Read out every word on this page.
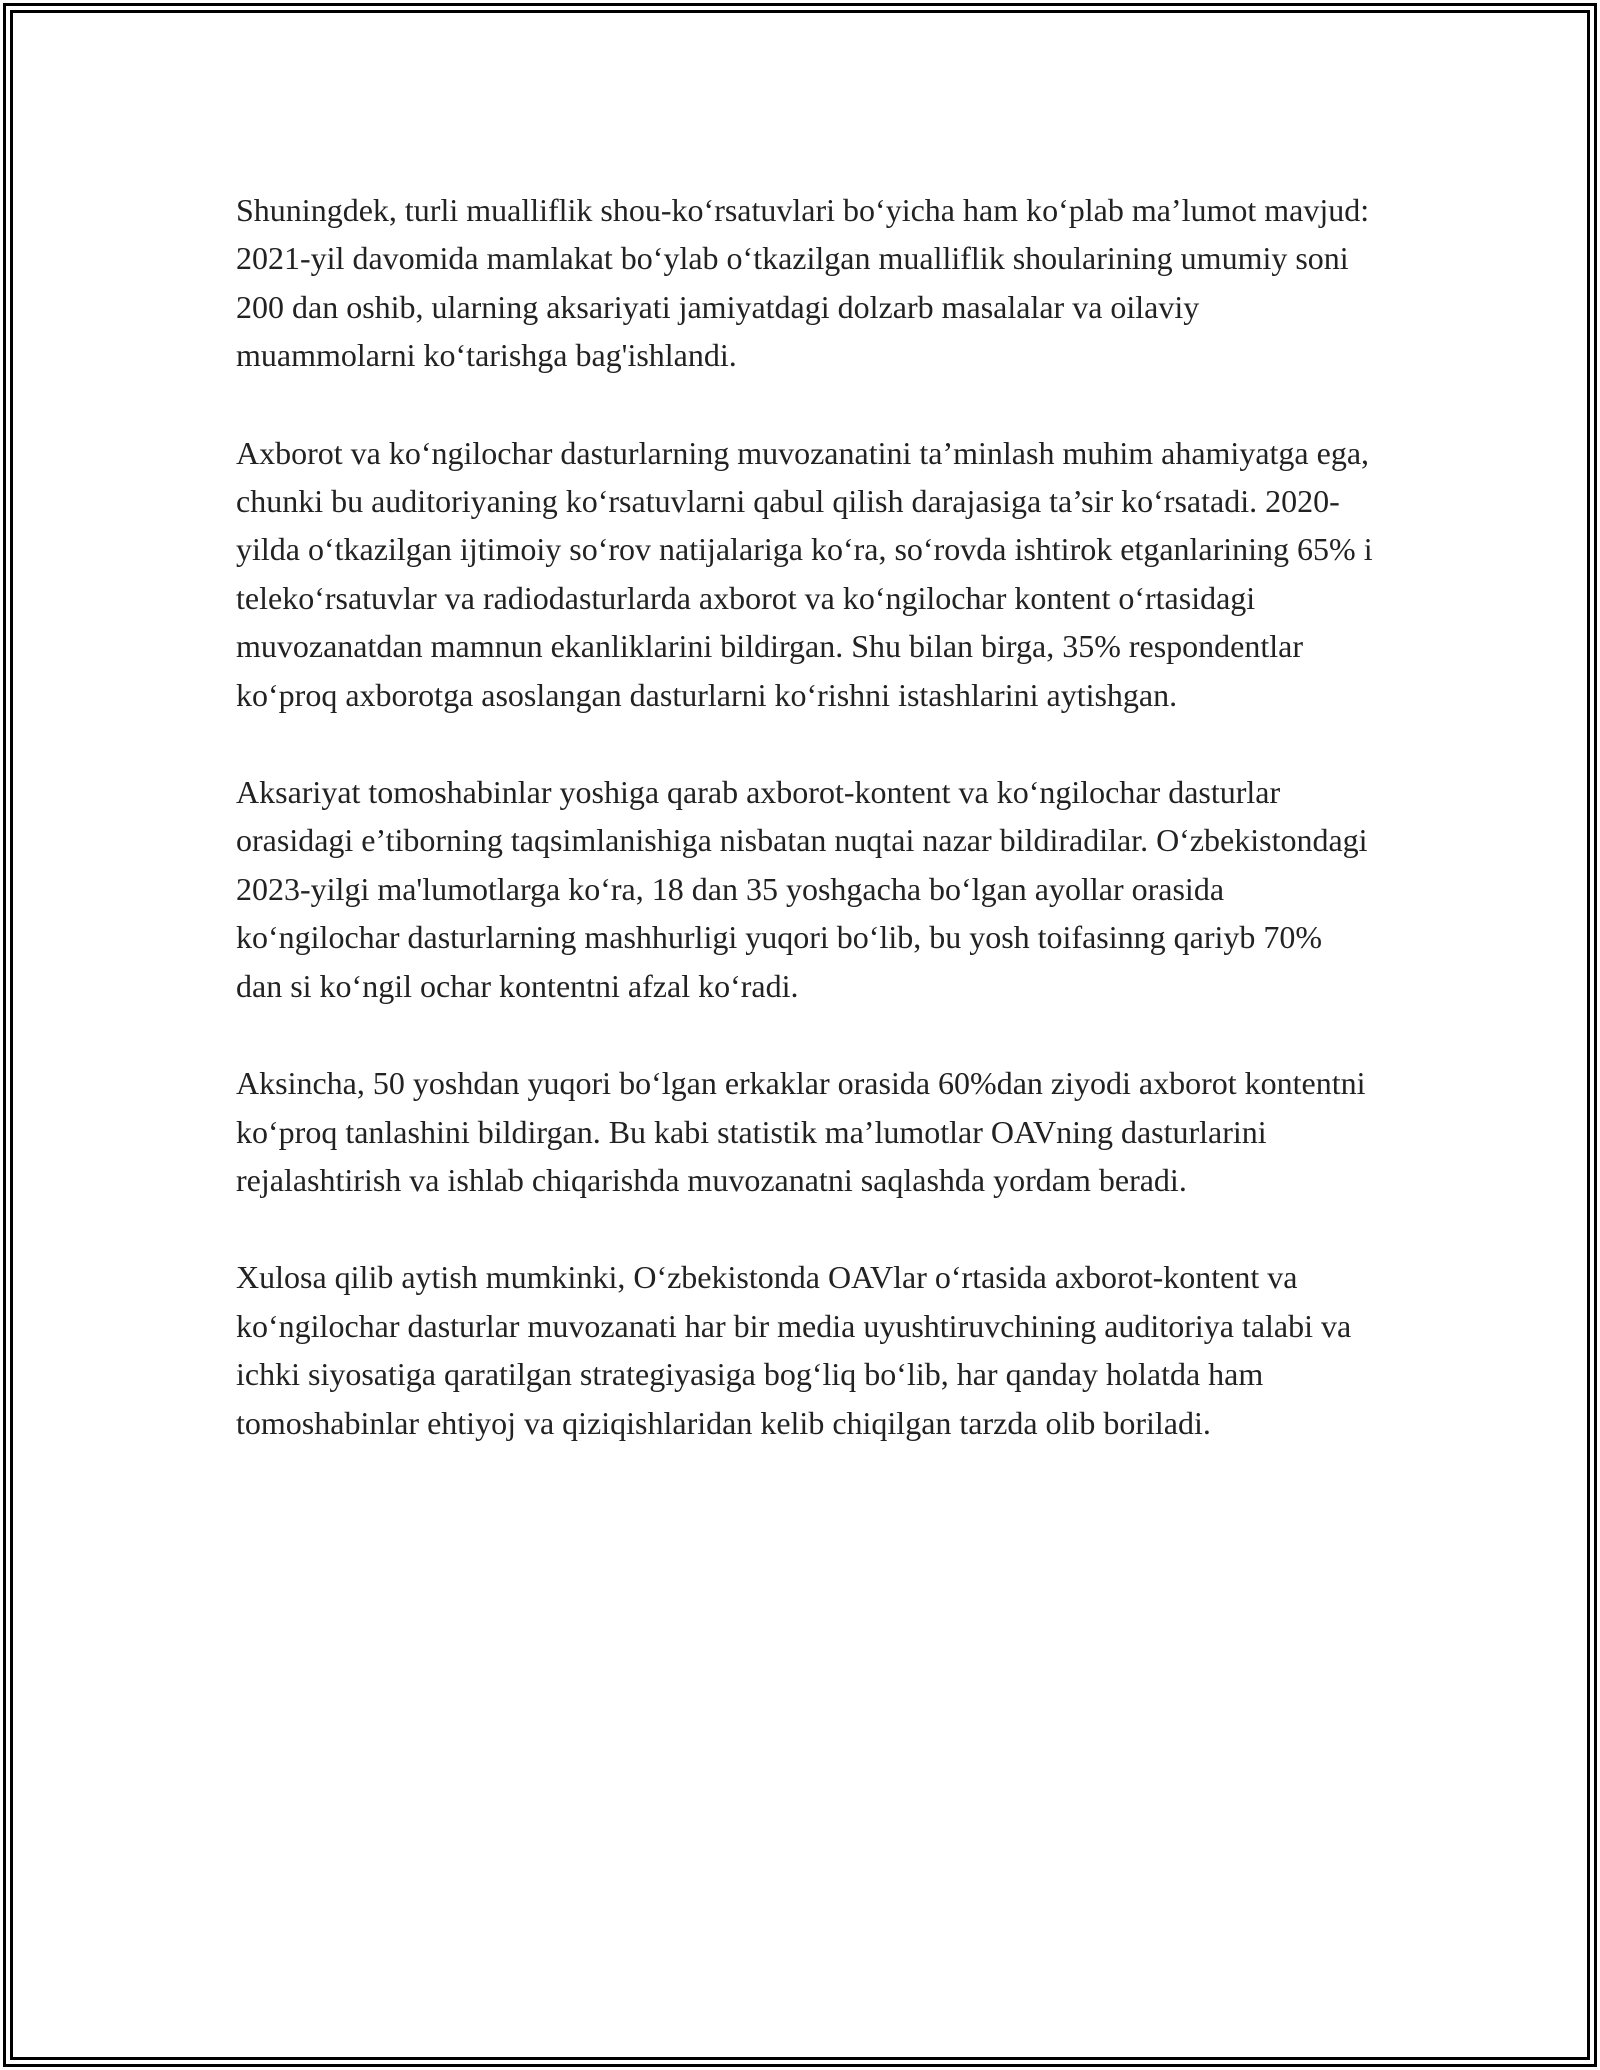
Shuningdek, turli mualliflik shou-ko‘rsatuvlari bo‘yicha ham ko‘plab ma’lumot mavjud: 2021-yil davomida mamlakat bo‘ylab o‘tkazilgan mualliflik shoularining umumiy soni 200 dan oshib, ularning aksariyati jamiyatdagi dolzarb masalalar va oilaviy muammolarni ko‘tarishga bag'ishlandi.

Axborot va ko‘ngilochar dasturlarning muvozanatini ta’minlash muhim ahamiyatga ega, chunki bu auditoriyaning ko‘rsatuvlarni qabul qilish darajasiga ta’sir ko‘rsatadi. 2020-yilda o‘tkazilgan ijtimoiy so‘rov natijalariga ko‘ra, so‘rovda ishtirok etganlarining 65% i teleko‘rsatuvlar va radiodasturlarda axborot va ko‘ngilochar kontent o‘rtasidagi muvozanatdan mamnun ekanliklarini bildirgan. Shu bilan birga, 35% respondentlar ko‘proq axborotga asoslangan dasturlarni ko‘rishni istashlarini aytishgan.

Aksariyat tomoshabinlar yoshiga qarab axborot-kontent va ko‘ngilochar dasturlar orasidagi e’tiborning taqsimlanishiga nisbatan nuqtai nazar bildiradilar. O‘zbekistondagi 2023-yilgi ma'lumotlarga ko‘ra, 18 dan 35 yoshgacha bo‘lgan ayollar orasida ko‘ngilochar dasturlarning mashhurligi yuqori bo‘lib, bu yosh toifasinng qariyb 70% dan si ko‘ngil ochar kontentni afzal ko‘radi.

Aksincha, 50 yoshdan yuqori bo‘lgan erkaklar orasida 60%dan ziyodi axborot kontentni ko‘proq tanlashini bildirgan. Bu kabi statistik ma’lumotlar OAVning dasturlarini rejalashtirish va ishlab chiqarishda muvozanatni saqlashda yordam beradi.

Xulosa qilib aytish mumkinki, O‘zbekistonda OAVlar o‘rtasida axborot-kontent va ko‘ngilochar dasturlar muvozanati har bir media uyushtiruvchining auditoriya talabi va ichki siyosatiga qaratilgan strategiyasiga bog‘liq bo‘lib, har qanday holatda ham tomoshabinlar ehtiyoj va qiziqishlaridan kelib chiqilgan tarzda olib boriladi.
